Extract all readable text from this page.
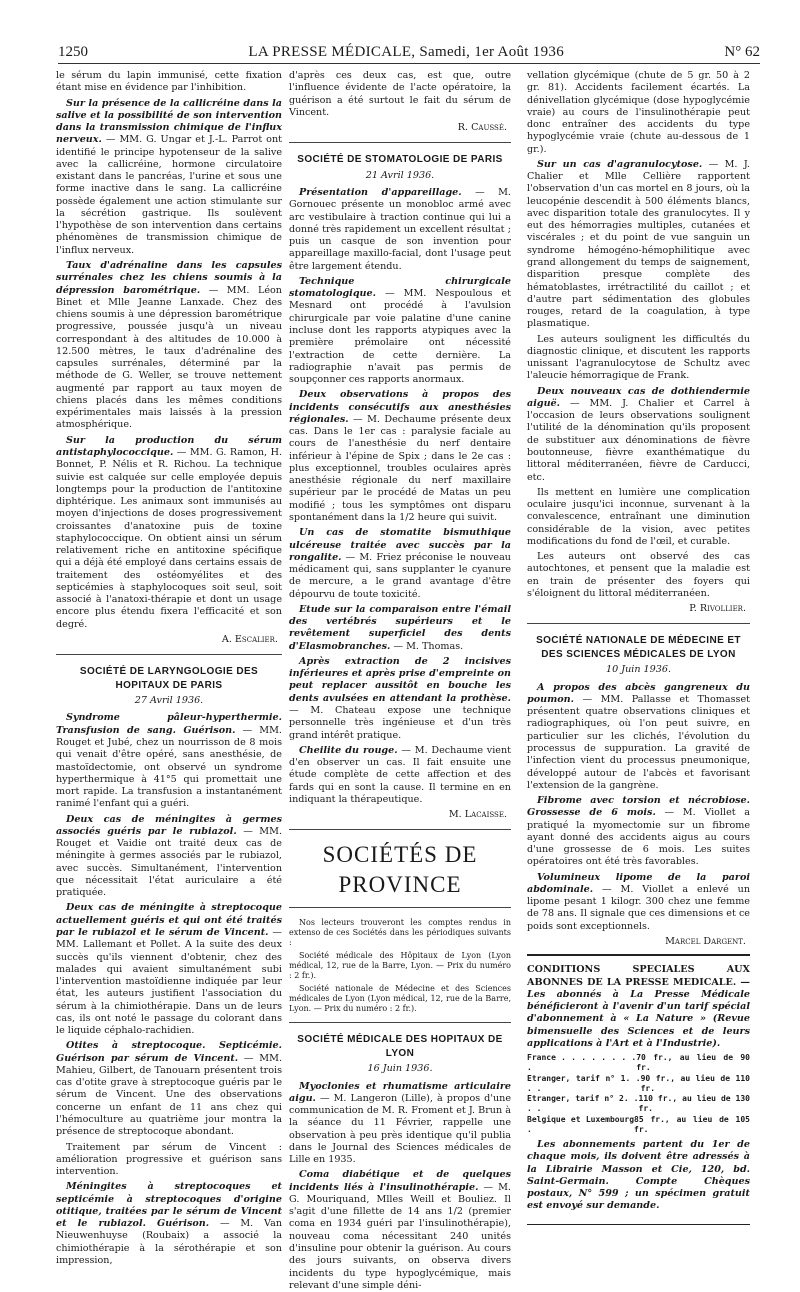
1250	LA PRESSE MÉDICALE, Samedi, 1er Août 1936	N° 62

le sérum du lapin immunisé, cette fixation étant mise en évidence par l'inhibition.

Sur la présence de la callicréine dans la salive et la possibilité de son intervention dans la transmission chimique de l'influx nerveux. — MM. G. Ungar et J.-L. Parrot ont identifié le principe hypotenseur de la salive avec la callicréine, hormone circulatoire existant dans le pancréas, l'urine et sous une forme inactive dans le sang. La callicréine possède également une action stimulante sur la sécrétion gastrique. Ils soulèvent l'hypothèse de son intervention dans certains phénomènes de transmission chimique de l'influx nerveux.

Taux d'adrénaline dans les capsules surrénales chez les chiens soumis à la dépression barométrique. — MM. Léon Binet et Mlle Jeanne Lanxade. Chez des chiens soumis à une dépression barométrique progressive, poussée jusqu'à un niveau correspondant à des altitudes de 10.000 à 12.500 mètres, le taux d'adrénaline des capsules surrénales, déterminé par la méthode de G. Weller, se trouve nettement augmenté par rapport au taux moyen de chiens placés dans les mêmes conditions expérimentales mais laissés à la pression atmosphérique.

Sur la production du sérum antistaphylococcique. — MM. G. Ramon, H. Bonnet, P. Nélis et R. Richou. La technique suivie est calquée sur celle employée depuis longtemps pour la production de l'antitoxine diphtérique. Les animaux sont immunisés au moyen d'injections de doses progressivement croissantes d'anatoxine puis de toxine staphylococcique. On obtient ainsi un sérum relativement riche en antitoxine spécifique qui a déjà été employé dans certains essais de traitement des ostéomyélites et des septicémies à staphylocoques soit seul, soit associé à l'anatoxi-thérapie et dont un usage encore plus étendu fixera l'efficacité et son degré.

A. Escalier.

SOCIÉTÉ DE LARYNGOLOGIE DES HOPITAUX DE PARIS
27 Avril 1936.

Syndrome pâleur-hyperthermie. Transfusion de sang. Guérison. — MM. Rouget et Jubé, chez un nourrisson de 8 mois qui venait d'être opéré, sans anesthésie, de mastoïdectomie, ont observé un syndrome hyperthermique à 41°5 qui promettait une mort rapide. La transfusion a instantanément ranimé l'enfant qui a guéri.

Deux cas de méningites à germes associés guéris par le rubiazol. — MM. Rouget et Vaidie ont traité deux cas de méningite à germes associés par le rubiazol, avec succès. Simultanément, l'intervention que nécessitait l'état auriculaire a été pratiquée.

Deux cas de méningite à streptocoque actuellement guéris et qui ont été traités par le rubiazol et le sérum de Vincent. — MM. Lallemant et Pollet. A la suite des deux succès qu'ils viennent d'obtenir, chez des malades qui avaient simultanément subi l'intervention mastoïdienne indiquée par leur état, les auteurs justifient l'association du sérum à la chimiothérapie. Dans un de leurs cas, ils ont noté le passage du colorant dans le liquide céphalo-rachidien.

Otites à streptocoque. Septicémie. Guérison par sérum de Vincent. — MM. Mahieu, Gilbert, de Tanouarn présentent trois cas d'otite grave à streptocoque guéris par le sérum de Vincent. Une des observations concerne un enfant de 11 ans chez qui l'hémoculture au quatrième jour montra la présence de streptocoque abondant.

Traitement par sérum de Vincent : amélioration progressive et guérison sans intervention.

Méningites à streptocoques et septicémie à streptocoques d'origine otitique, traitées par le sérum de Vincent et le rubiazol. Guérison. — M. Van Nieuwenhuyse (Roubaix) a associé la chimiothérapie à la sérothérapie et son impression,

d'après ces deux cas, est que, outre l'influence évidente de l'acte opératoire, la guérison a été surtout le fait du sérum de Vincent.

R. Caussé.

SOCIÉTÉ DE STOMATOLOGIE DE PARIS
21 Avril 1936.

Présentation d'appareillage. — M. Gornouec présente un monobloc armé avec arc vestibulaire à traction continue qui lui a donné très rapidement un excellent résultat ; puis un casque de son invention pour appareillage maxillo-facial, dont l'usage peut être largement étendu.

Technique chirurgicale stomatologique. — MM. Nespoulous et Mesnard ont procédé à l'avulsion chirurgicale par voie palatine d'une canine incluse dont les rapports atypiques avec la première prémolaire ont nécessité l'extraction de cette dernière. La radiographie n'avait pas permis de soupçonner ces rapports anormaux.

Deux observations à propos des incidents consécutifs aux anesthésies régionales. — M. Dechaume présente deux cas. Dans le 1er cas : paralysie faciale au cours de l'anesthésie du nerf dentaire inférieur à l'épine de Spix ; dans le 2e cas : plus exceptionnel, troubles oculaires après anesthésie régionale du nerf maxillaire supérieur par le procédé de Matas un peu modifié ; tous les symptômes ont disparu spontanément dans la 1/2 heure qui suivit.

Un cas de stomatite bismuthique ulcéreuse traitée avec succès par la rongalite. — M. Friez préconise le nouveau médicament qui, sans supplanter le cyanure de mercure, a le grand avantage d'être dépourvu de toute toxicité.

Etude sur la comparaison entre l'émail des vertébrés supérieurs et le revêtement superficiel des dents d'Elasmobranches. — M. Thomas.

Après extraction de 2 incisives inférieures et après prise d'empreinte on peut replacer aussitôt en bouche les dents avulsées en attendant la prothèse. — M. Chateau expose une technique personnelle très ingénieuse et d'un très grand intérêt pratique.

Cheilite du rouge. — M. Dechaume vient d'en observer un cas. Il fait ensuite une étude complète de cette affection et des fards qui en sont la cause. Il termine en en indiquant la thérapeutique.

M. Lacaisse.

SOCIÉTÉS DE PROVINCE

Nos lecteurs trouveront les comptes rendus in extenso de ces Sociétés dans les périodiques suivants :

Société médicale des Hôpitaux de Lyon (Lyon médical, 12, rue de la Barre, Lyon. — Prix du numéro : 2 fr.).

Société nationale de Médecine et des Sciences médicales de Lyon (Lyon médical, 12, rue de la Barre, Lyon. — Prix du numéro : 2 fr.).

SOCIÉTÉ MÉDICALE DES HOPITAUX DE LYON
16 Juin 1936.

Myoclonies et rhumatisme articulaire aigu. — M. Langeron (Lille), à propos d'une communication de M. R. Froment et J. Brun à la séance du 11 Février, rappelle une observation à peu près identique qu'il publia dans le Journal des Sciences médicales de Lille en 1935.

Coma diabétique et de quelques incidents liés à l'insulinothérapie. — M. G. Mouriquand, Mlles Weill et Bouliez. Il s'agit d'une fillette de 14 ans 1/2 (premier coma en 1934 guéri par l'insulinothérapie), nouveau coma nécessitant 240 unités d'insuline pour obtenir la guérison. Au cours des jours suivants, on observa divers incidents du type hypoglycémique, mais relevant d'une simple déni-

vellation glycémique (chute de 5 gr. 50 à 2 gr. 81). Accidents facilement écartés. La dénivellation glycémique (dose hypoglycémie vraie) au cours de l'insulinothérapie peut donc entraîner des accidents du type hypoglycémie vraie (chute au-dessous de 1 gr.).

Sur un cas d'agranulocytose. — M. J. Chalier et Mlle Cellière rapportent l'observation d'un cas mortel en 8 jours, où la leucopénie descendit à 500 éléments blancs, avec disparition totale des granulocytes. Il y eut des hémorragies multiples, cutanées et viscérales ; et du point de vue sanguin un syndrome hémogéno-hémophilitique avec grand allongement du temps de saignement, disparition presque complète des hématoblastes, irrétractilité du caillot ; et d'autre part sédimentation des globules rouges, retard de la coagulation, à type plasmatique.

Les auteurs soulignent les difficultés du diagnostic clinique, et discutent les rapports unissant l'agranulocytose de Schultz avec l'aleucie hémorragique de Frank.

Deux nouveaux cas de dothiendermie aiguë. — MM. J. Chalier et Carrel à l'occasion de leurs observations soulignent l'utilité de la dénomination qu'ils proposent de substituer aux dénominations de fièvre boutonneuse, fièvre exanthématique du littoral méditerranéen, fièvre de Carducci, etc.

Ils mettent en lumière une complication oculaire jusqu'ici inconnue, survenant à la convalescence, entraînant une diminution considérable de la vision, avec petites modifications du fond de l'œil, et curable.

Les auteurs ont observé des cas autochtones, et pensent que la maladie est en train de présenter des foyers qui s'éloignent du littoral méditerranéen.

P. Rivollier.

SOCIÉTÉ NATIONALE DE MÉDECINE ET DES SCIENCES MÉDICALES DE LYON
10 Juin 1936.

A propos des abcès gangreneux du poumon. — MM. Pallasse et Thomasset présentent quatre observations cliniques et radiographiques, où l'on peut suivre, en particulier sur les clichés, l'évolution du processus de suppuration. La gravité de l'infection vient du processus pneumonique, développé autour de l'abcès et favorisant l'extension de la gangrène.

Fibrome avec torsion et nécrobiose. Grossesse de 6 mois. — M. Viollet a pratiqué la myomectomie sur un fibrome ayant donné des accidents aigus au cours d'une grossesse de 6 mois. Les suites opératoires ont été très favorables.

Volumineux lipome de la paroi abdominale. — M. Viollet a enlevé un lipome pesant 1 kilogr. 300 chez une femme de 78 ans. Il signale que ces dimensions et ce poids sont exceptionnels.

Marcel Dargent.

CONDITIONS SPECIALES AUX ABONNES DE LA PRESSE MEDICALE. — Les abonnés à La Presse Médicale bénéficieront à l'avenir d'un tarif spécial d'abonnement à « La Nature » (Revue bimensuelle des Sciences et de leurs applications à l'Art et à l'Industrie).

France . . . . . . . . .
70 fr., au lieu de 90 fr.
Etranger, tarif n° 1. . . .
90 fr., au lieu de 110 fr.
Etranger, tarif n° 2. . . .
110 fr., au lieu de 130 fr.
Belgique et Luxembourg .
85 fr., au lieu de 105 fr.

Les abonnements partent du 1er de chaque mois, ils doivent être adressés à la Librairie Masson et Cie, 120, bd. Saint-Germain. Compte Chèques postaux, N° 599 ; un spécimen gratuit est envoyé sur demande.
